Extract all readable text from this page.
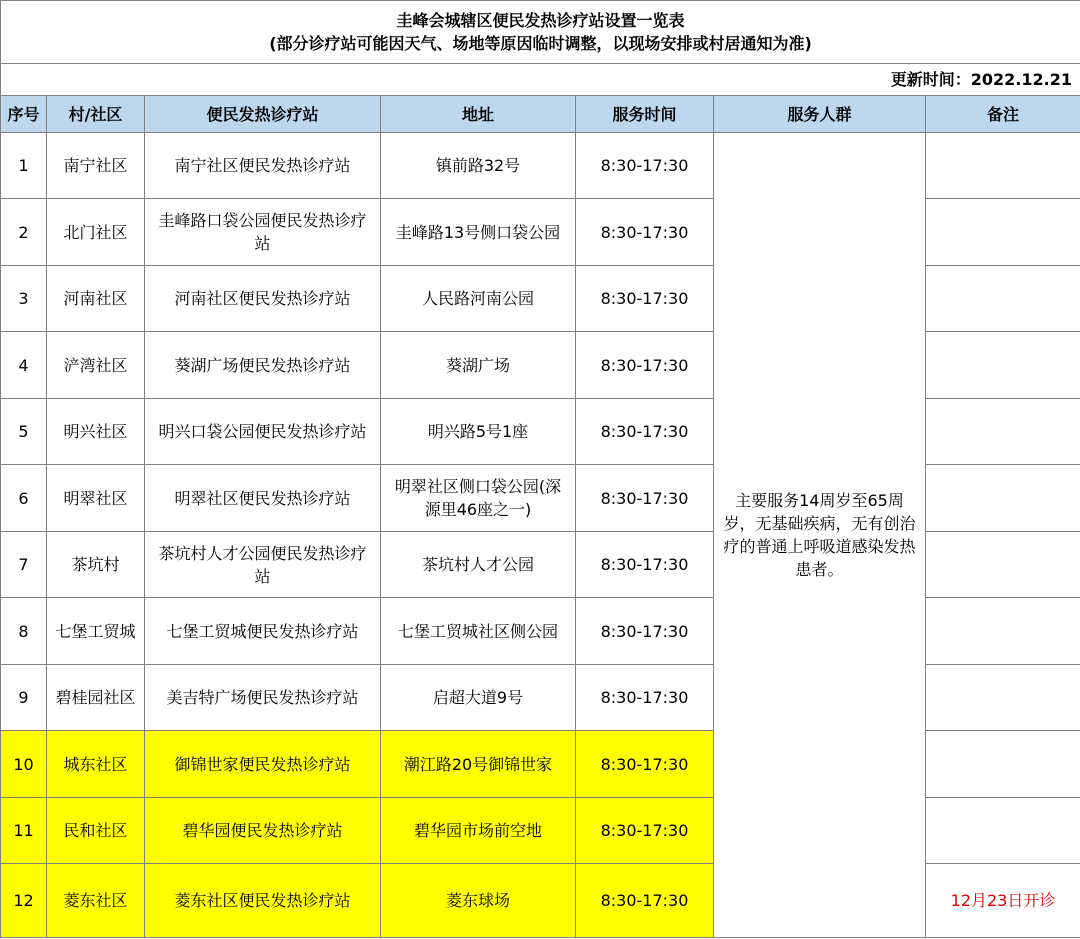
圭峰会城辖区便民发热诊疗站设置一览表
(部分诊疗站可能因天气、场地等原因临时调整，以现场安排或村居通知为准)						

更新时间：2022.12.21						
序号	村/社区	便民发热诊疗站	地址	服务时间	服务人群	备注
1	南宁社区	南宁社区便民发热诊疗站	镇前路32号	8:30-17:30	主要服务14周岁至65周岁，无基础疾病，无有创治疗的普通上呼吸道感染发热患者。	
2	北门社区	圭峰路口袋公园便民发热诊疗站	圭峰路13号侧口袋公园	8:30-17:30		
3	河南社区	河南社区便民发热诊疗站	人民路河南公园	8:30-17:30		
4	浐湾社区	葵湖广场便民发热诊疗站	葵湖广场	8:30-17:30		
5	明兴社区	明兴口袋公园便民发热诊疗站	明兴路5号1座	8:30-17:30		
6	明翠社区	明翠社区便民发热诊疗站	明翠社区侧口袋公园(深源里46座之一)	8:30-17:30		
7	茶坑村	茶坑村人才公园便民发热诊疗站	茶坑村人才公园	8:30-17:30		
8	七堡工贸城	七堡工贸城便民发热诊疗站	七堡工贸城社区侧公园	8:30-17:30		
9	碧桂园社区	美吉特广场便民发热诊疗站	启超大道9号	8:30-17:30		
10	城东社区	御锦世家便民发热诊疗站	潮江路20号御锦世家	8:30-17:30		
11	民和社区	碧华园便民发热诊疗站	碧华园市场前空地	8:30-17:30		
12	菱东社区	菱东社区便民发热诊疗站	菱东球场	8:30-17:30		12月23日开诊
